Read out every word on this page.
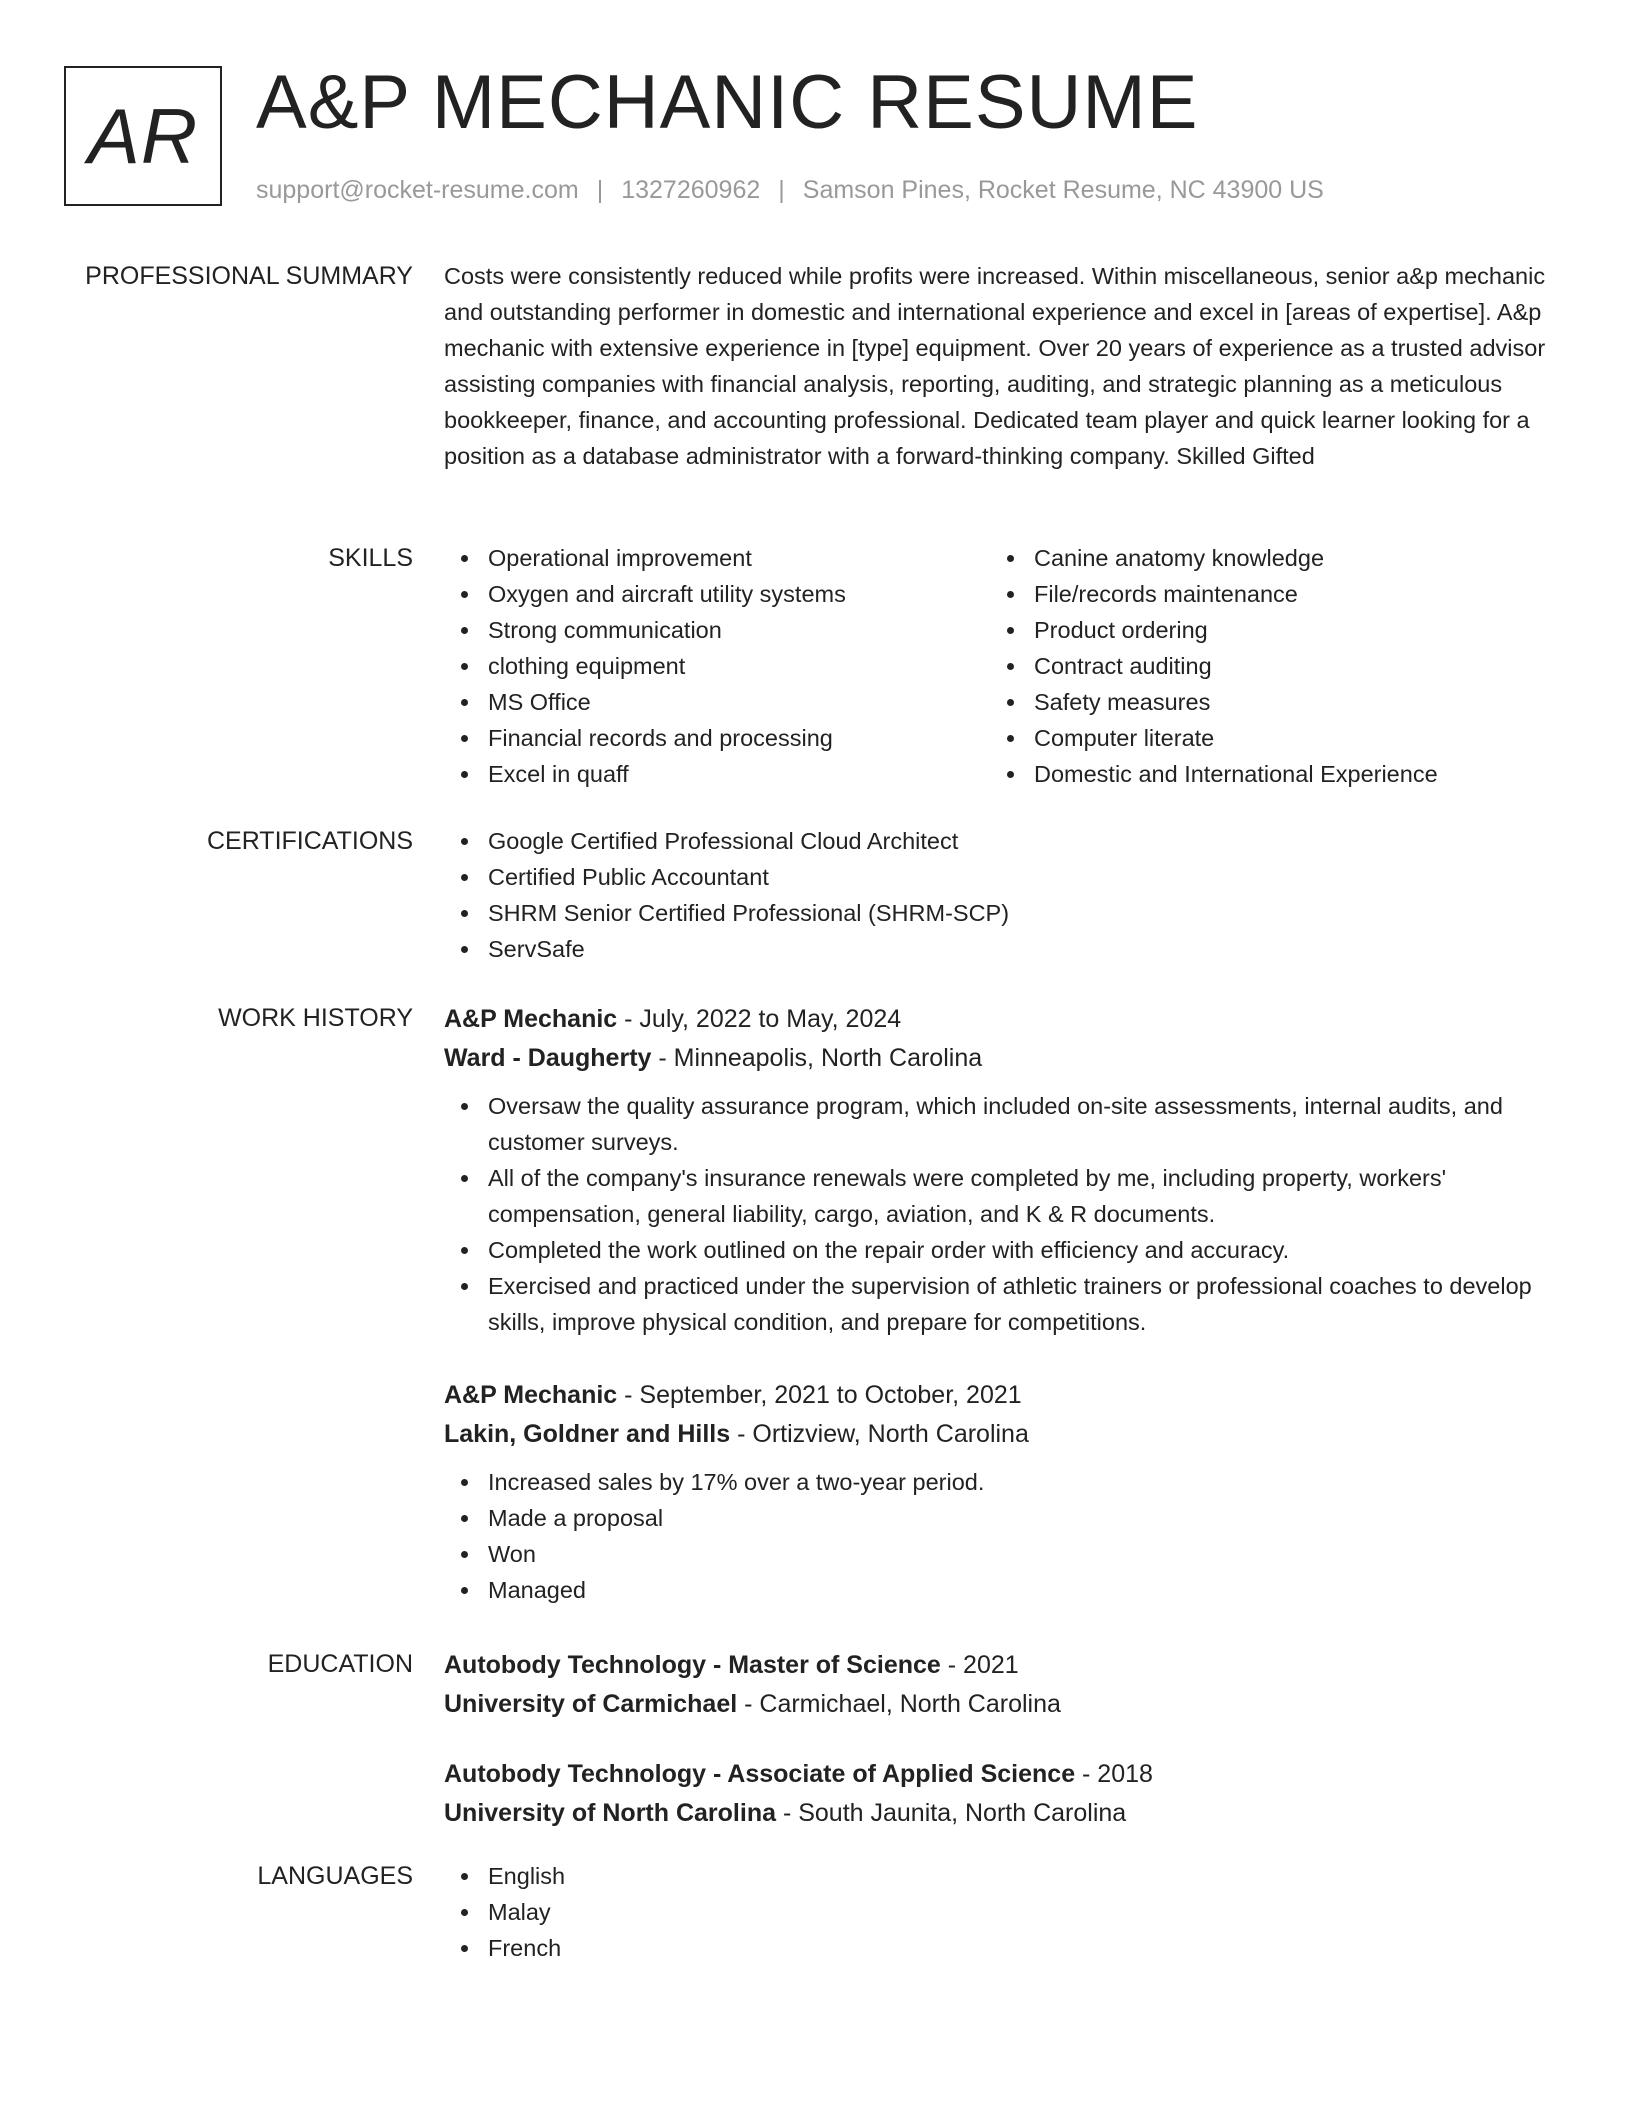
AR A&P MECHANIC RESUME
support@rocket-resume.com | 1327260962 | Samson Pines, Rocket Resume, NC 43900 US
PROFESSIONAL SUMMARY Costs were consistently reduced while profits were increased. Within miscellaneous, senior a&p mechanic and outstanding performer in domestic and international experience and excel in [areas of expertise]. A&p mechanic with extensive experience in [type] equipment. Over 20 years of experience as a trusted advisor assisting companies with financial analysis, reporting, auditing, and strategic planning as a meticulous bookkeeper, finance, and accounting professional. Dedicated team player and quick learner looking for a position as a database administrator with a forward-thinking company. Skilled Gifted

SKILLS	Operational improvement
Oxygen and aircraft utility systems
Strong communication
clothing equipment
MS Office
Financial records and processing
Excel in quaff
Canine anatomy knowledge
File/records maintenance
Product ordering
Contract auditing
Safety measures
Computer literate
Domestic and International Experience
CERTIFICATIONS	Google Certified Professional Cloud Architect
Certified Public Accountant
SHRM Senior Certified Professional (SHRM-SCP)
ServSafe
WORK HISTORY A&P Mechanic - July, 2022 to May, 2024
Ward - Daugherty - Minneapolis, North Carolina
Oversaw the quality assurance program, which included on-site assessments, internal audits, and customer surveys.
All of the company's insurance renewals were completed by me, including property, workers' compensation, general liability, cargo, aviation, and K & R documents.
Completed the work outlined on the repair order with efficiency and accuracy.
Exercised and practiced under the supervision of athletic trainers or professional coaches to develop skills, improve physical condition, and prepare for competitions.
A&P Mechanic - September, 2021 to October, 2021
Lakin, Goldner and Hills - Ortizview, North Carolina
Increased sales by 17% over a two-year period.
Made a proposal
Won
Managed
EDUCATION Autobody Technology - Master of Science - 2021
University of Carmichael - Carmichael, North Carolina
Autobody Technology - Associate of Applied Science - 2018
University of North Carolina - South Jaunita, North Carolina
LANGUAGES	English
Malay
French
